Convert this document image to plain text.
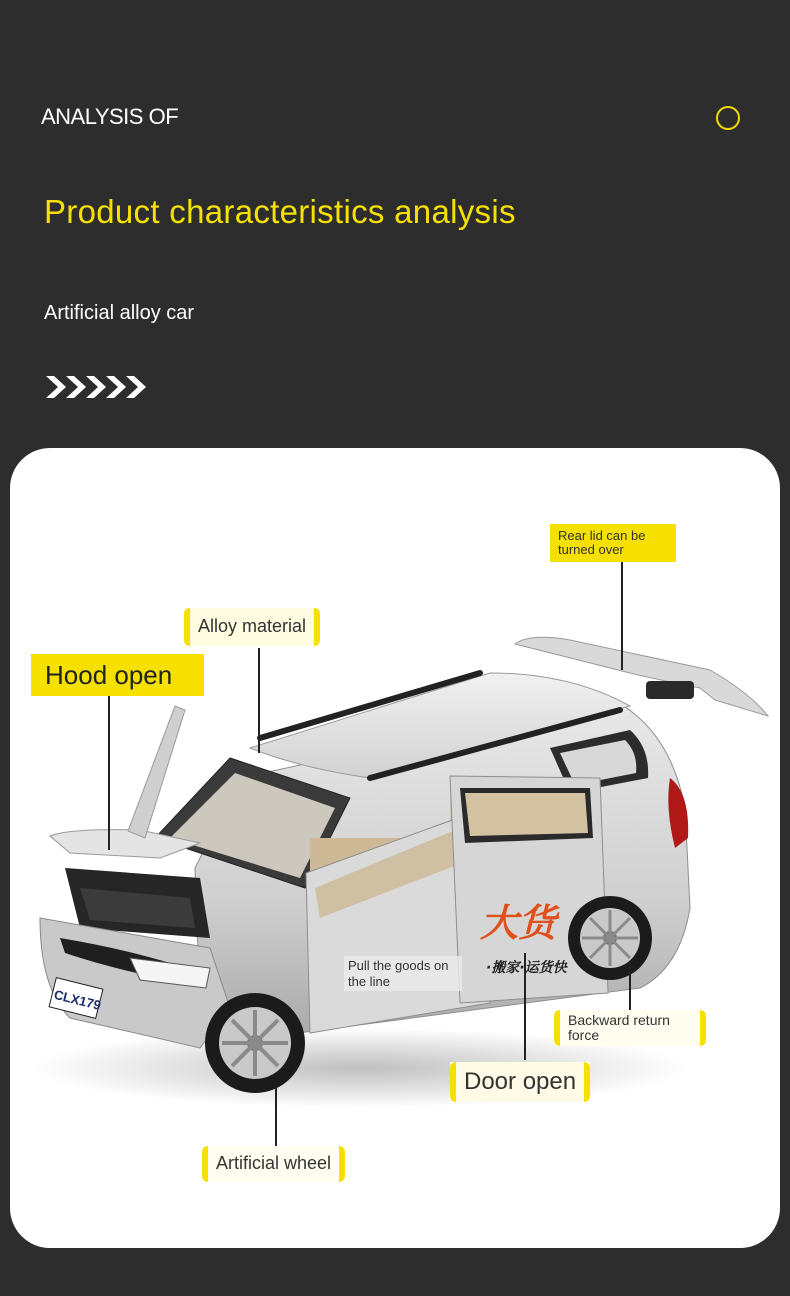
ANALYSIS OF
Product characteristics analysis
Artificial alloy car
CLX179
大货
·搬家·运货快
Hood open
Alloy material
Rear lid can be turned over
Backward return force
Door open
Artificial wheel
Pull the goods on the line
